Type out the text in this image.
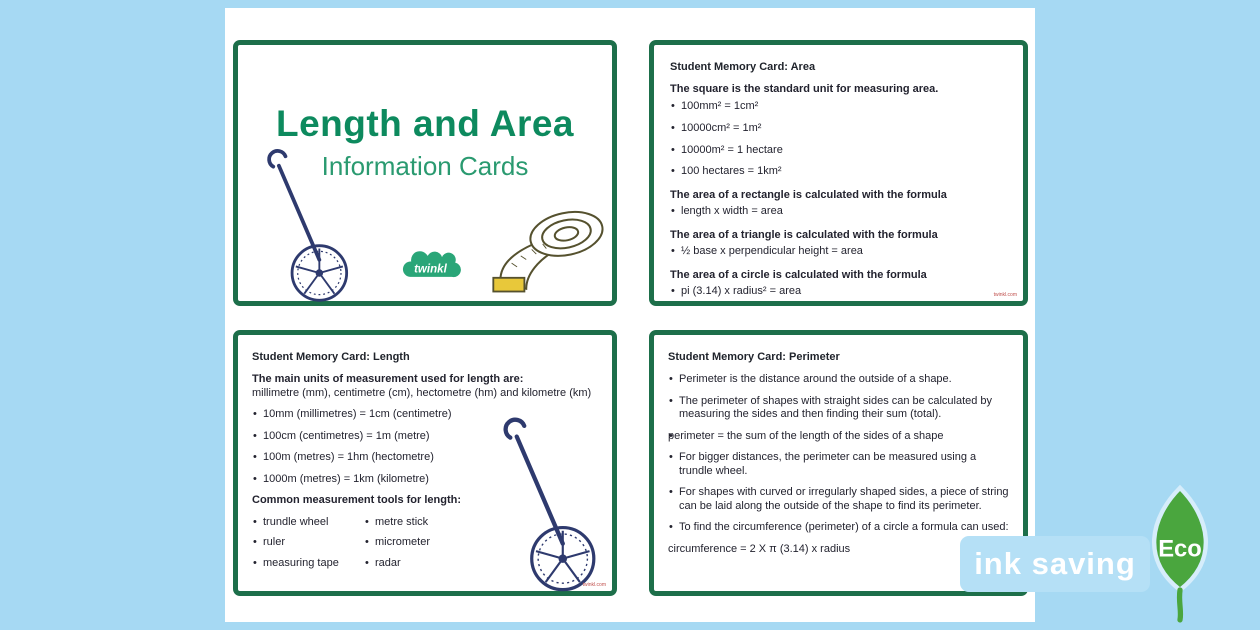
Length and Area
Information Cards
twinkl
Student Memory Card: Area
The square is the standard unit for measuring area.
• 100mm² = 1cm²
• 10000cm² = 1m²
• 10000m² = 1 hectare
• 100 hectares = 1km²
The area of a rectangle is calculated with the formula

• length x width = area

The area of a triangle is calculated with the formula

• ½ base x perpendicular height = area

The area of a circle is calculated with the formula

• pi (3.14) x radius² = area	twinkl.com
Student Memory Card: Length
The main units of measurement used for length are:
millimetre (mm), centimetre (cm), hectometre (hm) and kilometre (km)
• 10mm (millimetres) = 1cm (centimetre)
• 100cm (centimetres) = 1m (metre)
• 100m (metres) = 1hm (hectometre)
• 1000m (metres) = 1km (kilometre)
Common measurement tools for length:
• trundle wheel
• ruler
• measuring tape
• metre stick
• micrometer
• radar
twinkl.com
Student Memory Card: Perimeter

• Perimeter is the distance around the outside of a shape.

• The perimeter of shapes with straight sides can be calculated by measuring the sides and then finding their sum (total).

• perimeter = the sum of the length of the sides of a shape

• For bigger distances, the perimeter can be measured using a trundle wheel.

• For shapes with curved or irregularly shaped sides, a piece of string can be laid along the outside of the shape to find its perimeter.

• To find the circumference (perimeter) of a circle a formula can used:

circumference = 2 X π (3.14) x radius	ink saving Eco
